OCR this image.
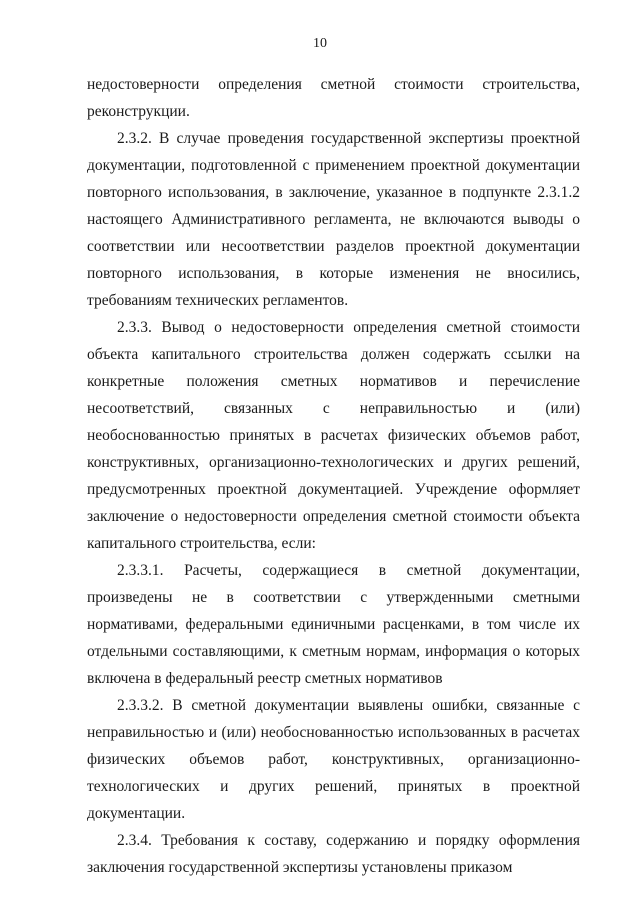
10

недостоверности определения сметной стоимости строительства, реконструкции.

2.3.2. В случае проведения государственной экспертизы проектной документации, подготовленной с применением проектной документации повторного использования, в заключение, указанное в подпункте 2.3.1.2 настоящего Административного регламента, не включаются выводы о соответствии или несоответствии разделов проектной документации повторного использования, в которые изменения не вносились, требованиям технических регламентов.

2.3.3. Вывод о недостоверности определения сметной стоимости объекта капитального строительства должен содержать ссылки на конкретные положения сметных нормативов и перечисление несоответствий, связанных с неправильностью и (или) необоснованностью принятых в расчетах физических объемов работ, конструктивных, организационно-технологических и других решений, предусмотренных проектной документацией. Учреждение оформляет заключение о недостоверности определения сметной стоимости объекта капитального строительства, если:

2.3.3.1. Расчеты, содержащиеся в сметной документации, произведены не в соответствии с утвержденными сметными нормативами, федеральными единичными расценками, в том числе их отдельными составляющими, к сметным нормам, информация о которых включена в федеральный реестр сметных нормативов

2.3.3.2. В сметной документации выявлены ошибки, связанные с неправильностью и (или) необоснованностью использованных в расчетах физических объемов работ, конструктивных, организационно-технологических и других решений, принятых в проектной документации.

2.3.4. Требования к составу, содержанию и порядку оформления заключения государственной экспертизы установлены приказом
